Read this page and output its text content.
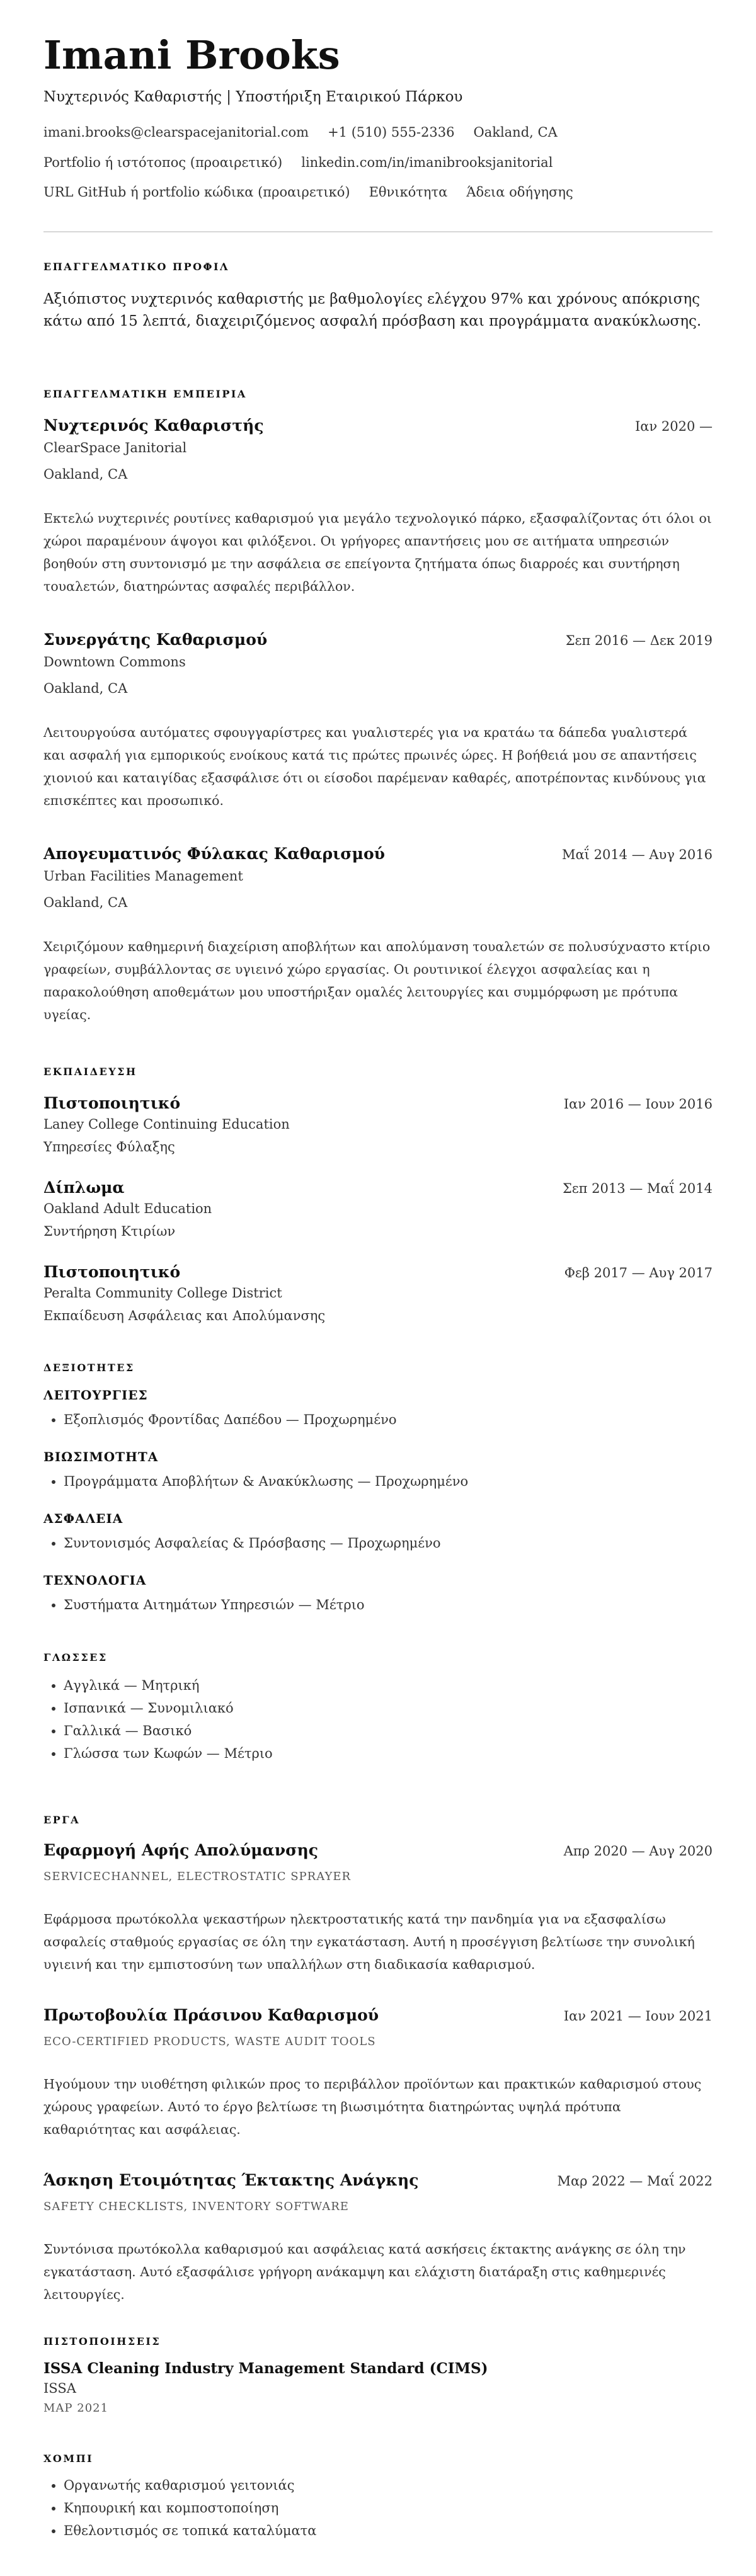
Imani Brooks
Νυχτερινός Καθαριστής | Υποστήριξη Εταιρικού Πάρκου
imani.brooks@clearspacejanitorial.com +1 (510) 555-2336 Oakland, CA
Portfolio ή ιστότοπος (προαιρετικό) linkedin.com/in/imanibrooksjanitorial
URL GitHub ή portfolio κώδικα (προαιρετικό) Εθνικότητα Άδεια οδήγησης
ΕΠΑΓΓΕΛΜΑΤΙΚΟ ΠΡΟΦΙΛ
Αξιόπιστος νυχτερινός καθαριστής με βαθμολογίες ελέγχου 97% και χρόνους απόκρισης κάτω από 15 λεπτά, διαχειριζόμενος ασφαλή πρόσβαση και προγράμματα ανακύκλωσης.
ΕΠΑΓΓΕΛΜΑΤΙΚΗ ΕΜΠΕΙΡΙΑ
Νυχτερινός Καθαριστής	Ιαν 2020 —
ClearSpace Janitorial
Oakland, CA
Εκτελώ νυχτερινές ρουτίνες καθαρισμού για μεγάλο τεχνολογικό πάρκο, εξασφαλίζοντας ότι όλοι οι χώροι παραμένουν άψογοι και φιλόξενοι. Οι γρήγορες απαντήσεις μου σε αιτήματα υπηρεσιών βοηθούν στη συντονισμό με την ασφάλεια σε επείγοντα ζητήματα όπως διαρροές και συντήρηση τουαλετών, διατηρώντας ασφαλές περιβάλλον.
Συνεργάτης Καθαρισμού	Σεπ 2016 — Δεκ 2019
Downtown Commons
Oakland, CA
Λειτουργούσα αυτόματες σφουγγαρίστρες και γυαλιστερές για να κρατάω τα δάπεδα γυαλιστερά και ασφαλή για εμπορικούς ενοίκους κατά τις πρώτες πρωινές ώρες. Η βοήθειά μου σε απαντήσεις χιονιού και καταιγίδας εξασφάλισε ότι οι είσοδοι παρέμεναν καθαρές, αποτρέποντας κινδύνους για επισκέπτες και προσωπικό.
Απογευματινός Φύλακας Καθαρισμού	Μαΐ 2014 — Αυγ 2016
Urban Facilities Management
Oakland, CA
Χειριζόμουν καθημερινή διαχείριση αποβλήτων και απολύμανση τουαλετών σε πολυσύχναστο κτίριο γραφείων, συμβάλλοντας σε υγιεινό χώρο εργασίας. Οι ρουτινικοί έλεγχοι ασφαλείας και η παρακολούθηση αποθεμάτων μου υποστήριξαν ομαλές λειτουργίες και συμμόρφωση με πρότυπα υγείας.
ΕΚΠΑΙΔΕΥΣΗ
Πιστοποιητικό	Ιαν 2016 — Ιουν 2016
Laney College Continuing Education
Υπηρεσίες Φύλαξης
Δίπλωμα	Σεπ 2013 — Μαΐ 2014
Oakland Adult Education
Συντήρηση Κτιρίων
Πιστοποιητικό	Φεβ 2017 — Αυγ 2017
Peralta Community College District
Εκπαίδευση Ασφάλειας και Απολύμανσης
ΔΕΞΙΟΤΗΤΕΣ
ΛΕΙΤΟΥΡΓΙΕΣ
• Εξοπλισμός Φροντίδας Δαπέδου — Προχωρημένο
ΒΙΩΣΙΜΟΤΗΤΑ
• Προγράμματα Αποβλήτων & Ανακύκλωσης — Προχωρημένο
ΑΣΦΑΛΕΙΑ
• Συντονισμός Ασφαλείας & Πρόσβασης — Προχωρημένο
ΤΕΧΝΟΛΟΓΙΑ
• Συστήματα Αιτημάτων Υπηρεσιών — Μέτριο
ΓΛΩΣΣΕΣ
• Αγγλικά — Μητρική
• Ισπανικά — Συνομιλιακό
• Γαλλικά — Βασικό
• Γλώσσα των Κωφών — Μέτριο
ΕΡΓΑ
Εφαρμογή Αφής Απολύμανσης	Απρ 2020 — Αυγ 2020
SERVICECHANNEL, ELECTROSTATIC SPRAYER
Εφάρμοσα πρωτόκολλα ψεκαστήρων ηλεκτροστατικής κατά την πανδημία για να εξασφαλίσω ασφαλείς σταθμούς εργασίας σε όλη την εγκατάσταση. Αυτή η προσέγγιση βελτίωσε την συνολική υγιεινή και την εμπιστοσύνη των υπαλλήλων στη διαδικασία καθαρισμού.
Πρωτοβουλία Πράσινου Καθαρισμού	Ιαν 2021 — Ιουν 2021
ECO-CERTIFIED PRODUCTS, WASTE AUDIT TOOLS
Ηγούμουν την υιοθέτηση φιλικών προς το περιβάλλον προϊόντων και πρακτικών καθαρισμού στους χώρους γραφείων. Αυτό το έργο βελτίωσε τη βιωσιμότητα διατηρώντας υψηλά πρότυπα καθαριότητας και ασφάλειας.
Άσκηση Ετοιμότητας Έκτακτης Ανάγκης	Μαρ 2022 — Μαΐ 2022
SAFETY CHECKLISTS, INVENTORY SOFTWARE
Συντόνισα πρωτόκολλα καθαρισμού και ασφάλειας κατά ασκήσεις έκτακτης ανάγκης σε όλη την εγκατάσταση. Αυτό εξασφάλισε γρήγορη ανάκαμψη και ελάχιστη διατάραξη στις καθημερινές λειτουργίες.
ΠΙΣΤΟΠΟΙΗΣΕΙΣ
ISSA Cleaning Industry Management Standard (CIMS)
ISSA
ΜΑΡ 2021
ΧΟΜΠΙ
• Οργανωτής καθαρισμού γειτονιάς
• Κηπουρική και κομποστοποίηση
• Εθελοντισμός σε τοπικά καταλύματα
